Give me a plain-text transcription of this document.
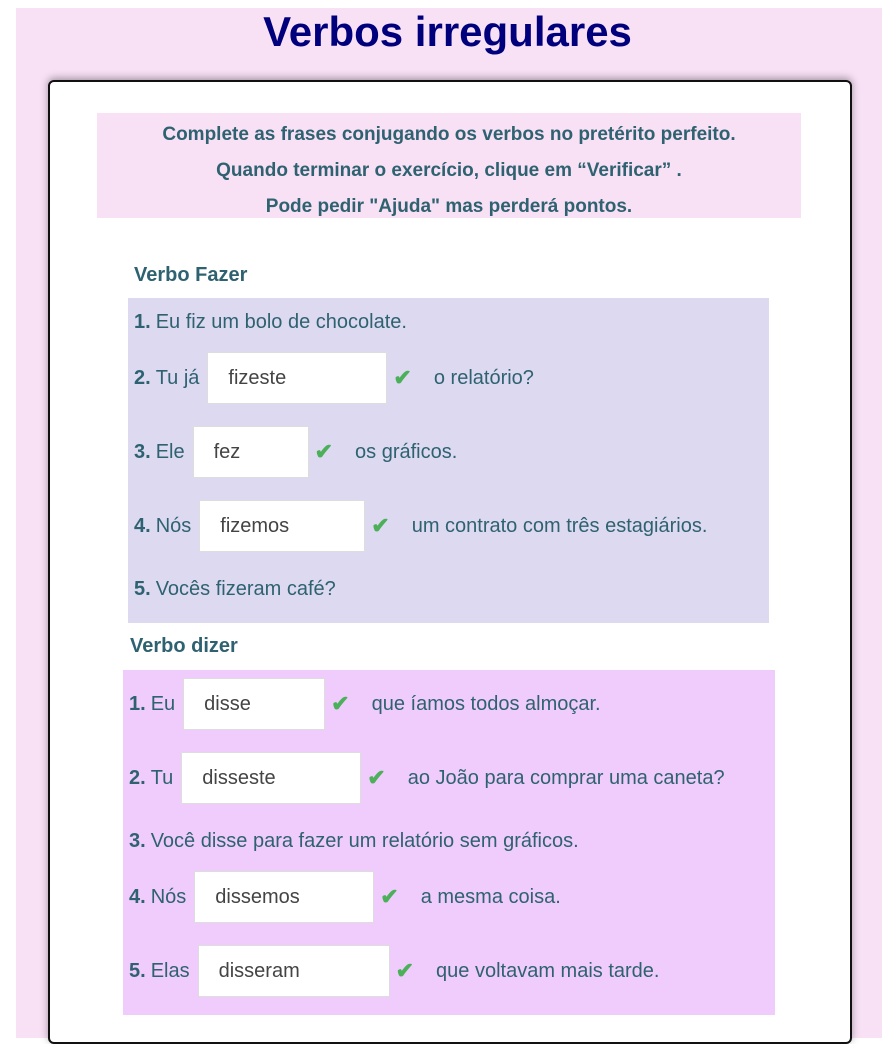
Verbos irregulares
Complete as frases conjugando os verbos no pretérito perfeito.
Quando terminar o exercício, clique em “Verificar” .
Pode pedir "Ajuda" mas perderá pontos.
Verbo Fazer
1. Eu fiz um bolo de chocolate.
2. Tu já
fizeste	✔ o relatório?
3. Ele
fez	✔ os gráficos.
4. Nós
fizemos	✔ um contrato com três estagiários.
5. Vocês fizeram café?
Verbo dizer
1. Eu
disse	✔ que íamos todos almoçar.
2. Tu
disseste	✔ ao João para comprar uma caneta?
3. Você disse para fazer um relatório sem gráficos.
4. Nós
dissemos	✔ a mesma coisa.
5. Elas
disseram	✔ que voltavam mais tarde.
